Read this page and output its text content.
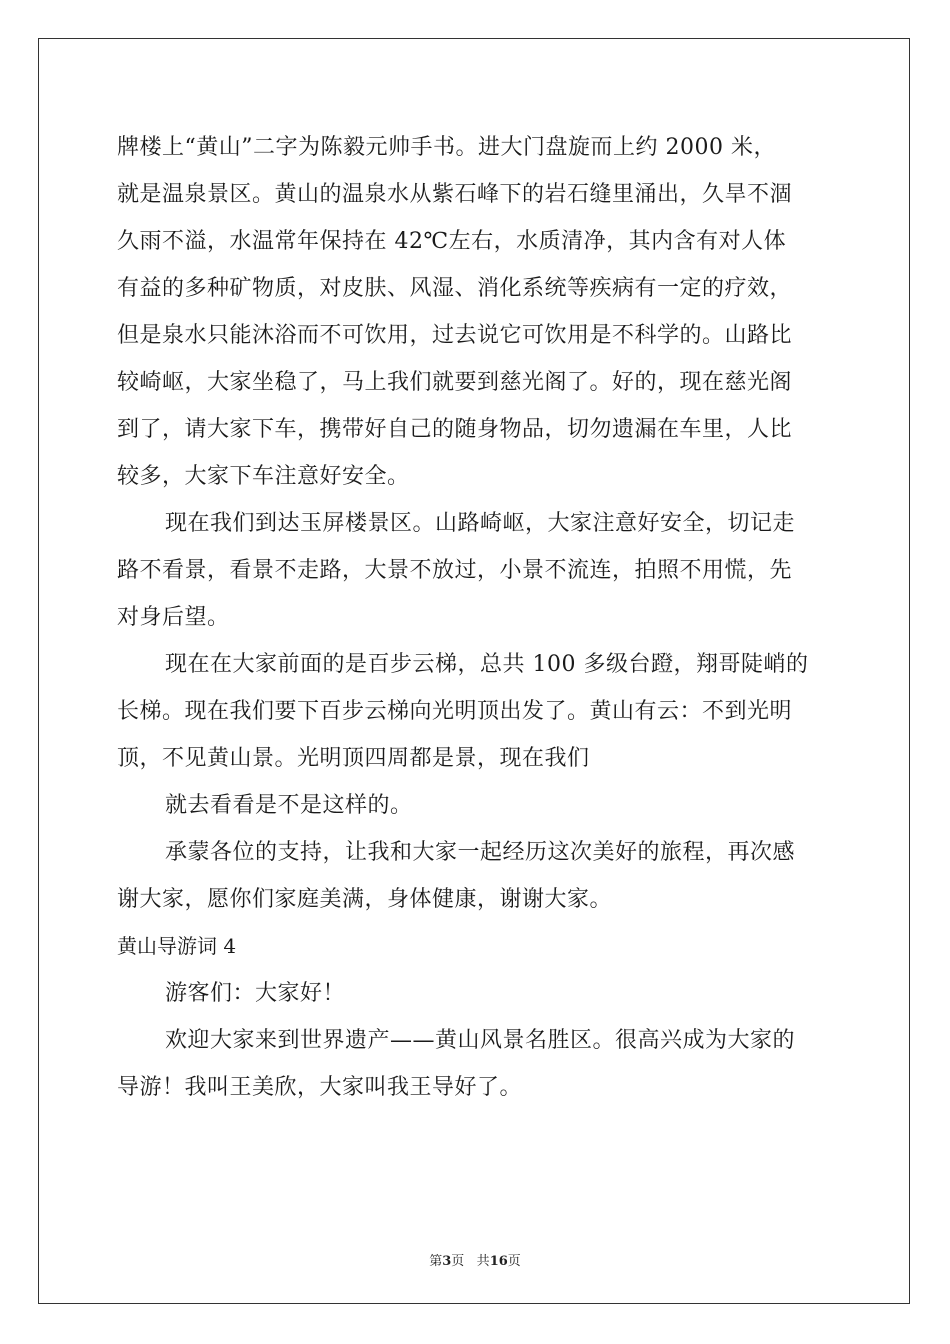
牌楼上“黄山”二字为陈毅元帅手书。进大门盘旋而上约 2000 米，
就是温泉景区。黄山的温泉水从紫石峰下的岩石缝里涌出，久旱不涸
久雨不溢，水温常年保持在 42℃左右，水质清净，其内含有对人体
有益的多种矿物质，对皮肤、风湿、消化系统等疾病有一定的疗效，
但是泉水只能沐浴而不可饮用，过去说它可饮用是不科学的。山路比
较崎岖，大家坐稳了，马上我们就要到慈光阁了。好的，现在慈光阁
到了，请大家下车，携带好自己的随身物品，切勿遗漏在车里，人比
较多，大家下车注意好安全。
现在我们到达玉屏楼景区。山路崎岖，大家注意好安全，切记走
路不看景，看景不走路，大景不放过，小景不流连，拍照不用慌，先
对身后望。
现在在大家前面的是百步云梯，总共 100 多级台蹬，翔哥陡峭的
长梯。现在我们要下百步云梯向光明顶出发了。黄山有云：不到光明
顶，不见黄山景。光明顶四周都是景，现在我们
就去看看是不是这样的。
承蒙各位的支持，让我和大家一起经历这次美好的旅程，再次感
谢大家，愿你们家庭美满，身体健康，谢谢大家。
黄山导游词 4
游客们：大家好！
欢迎大家来到世界遗产——黄山风景名胜区。很高兴成为大家的
导游！我叫王美欣，大家叫我王导好了。
第3页 共16页
